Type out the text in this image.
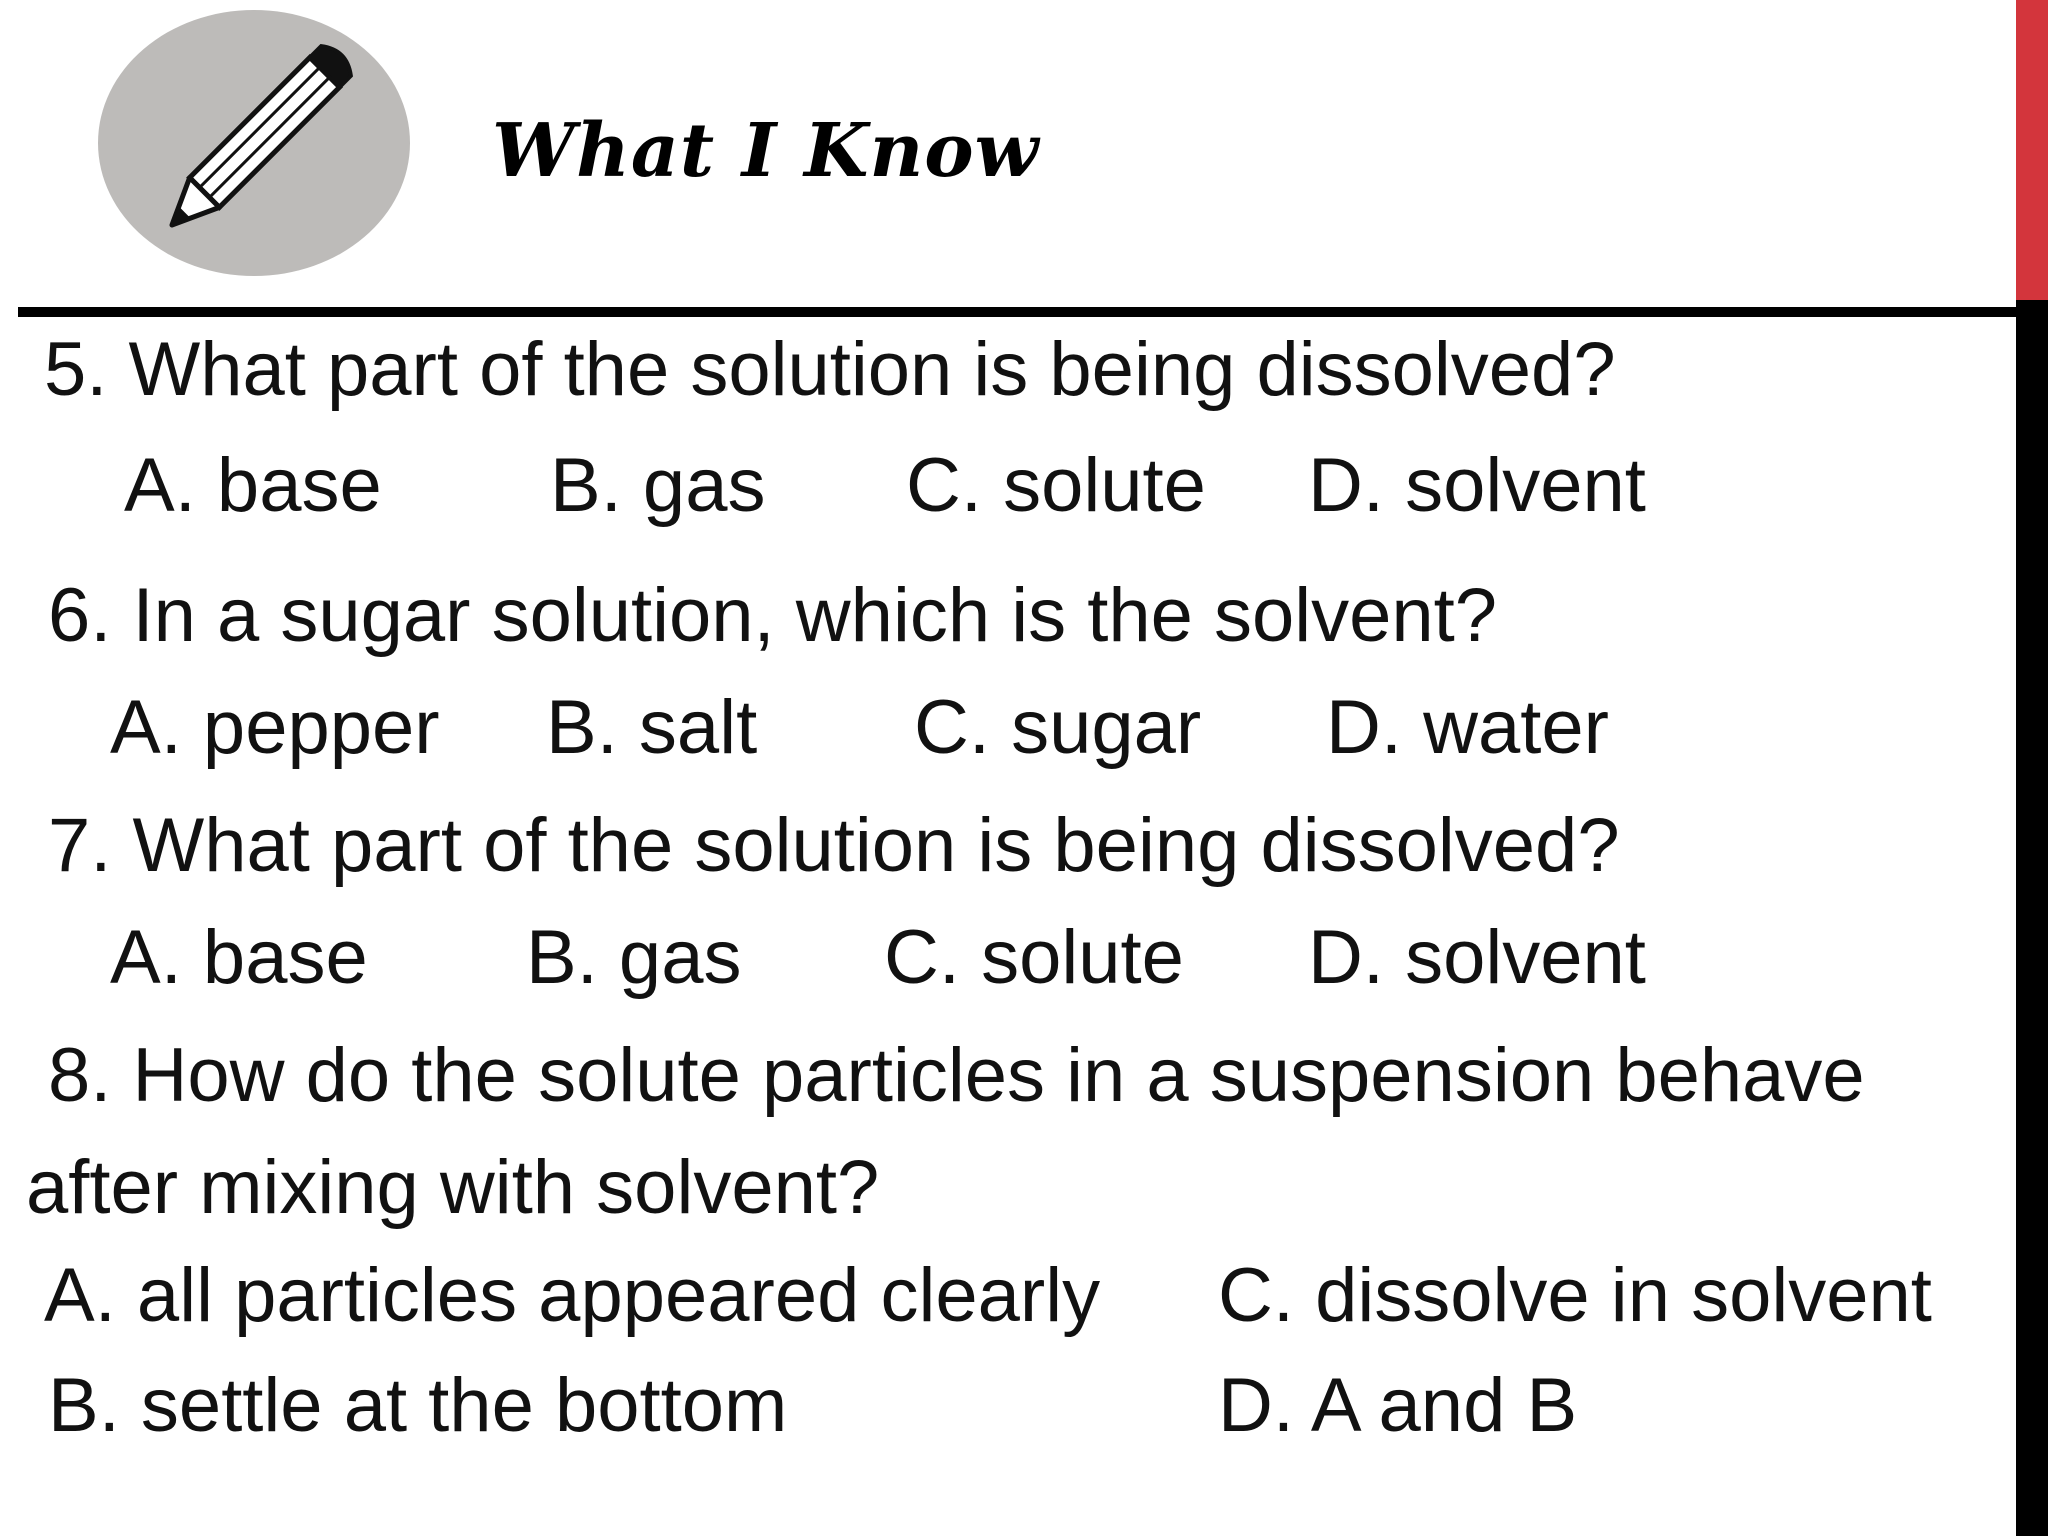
What I Know
5. What part of the solution is being dissolved?
A. base B. gas C. solute D. solvent
6. In a sugar solution, which is the solvent?
A. pepper B. salt C. sugar D. water
7. What part of the solution is being dissolved?
A. base B. gas C. solute D. solvent
8. How do the solute particles in a suspension behave
after mixing with solvent?
A. all particles appeared clearly C. dissolve in solvent
B. settle at the bottom	D. A and B
